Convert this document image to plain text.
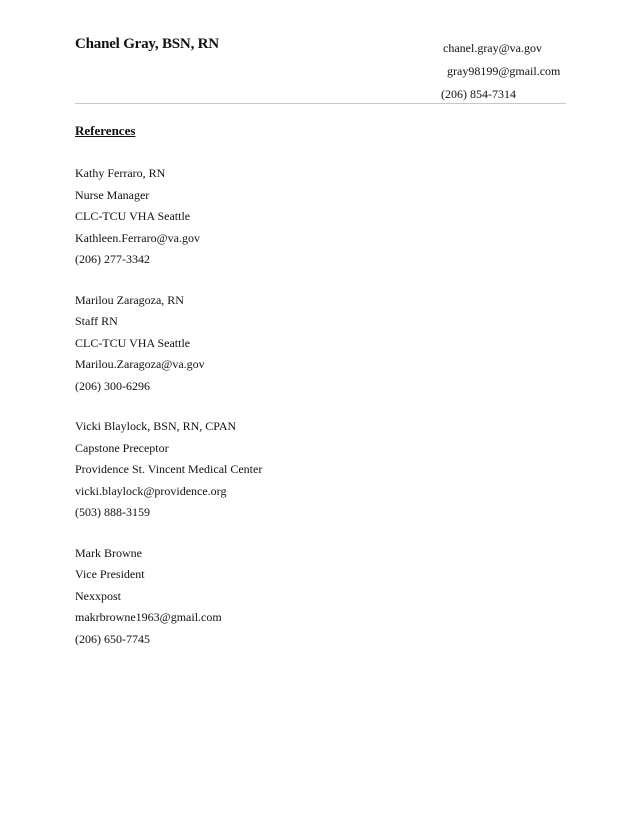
Chanel Gray, BSN, RN	chanel.gray@va.gov
gray98199@gmail.com
(206) 854-7314
References
Kathy Ferraro, RN
Nurse Manager
CLC-TCU VHA Seattle
Kathleen.Ferraro@va.gov
(206) 277-3342
Marilou Zaragoza, RN
Staff RN
CLC-TCU VHA Seattle
Marilou.Zaragoza@va.gov
(206) 300-6296
Vicki Blaylock, BSN, RN, CPAN
Capstone Preceptor
Providence St. Vincent Medical Center
vicki.blaylock@providence.org
(503) 888-3159
Mark Browne
Vice President
Nexxpost
makrbrowne1963@gmail.com
(206) 650-7745
